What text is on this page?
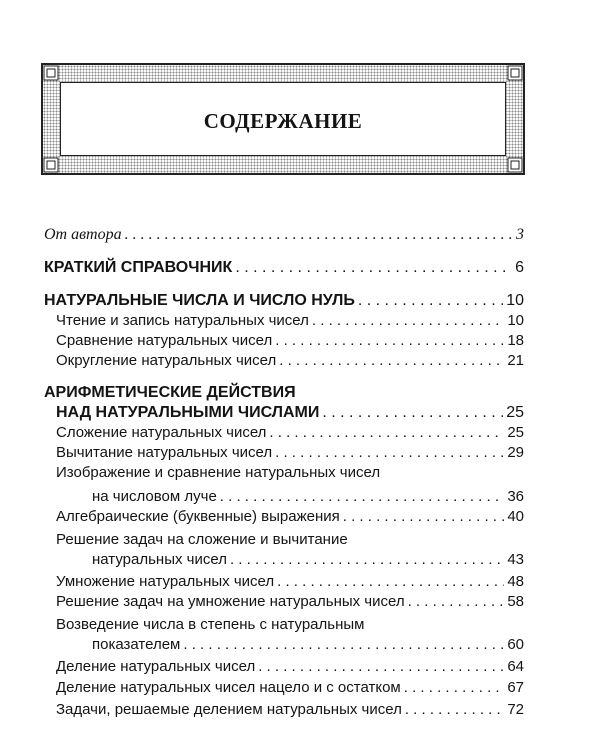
СОДЕРЖАНИЕ
От автора . . .	3
КРАТКИЙ СПРАВОЧНИК . . .	6
НАТУРАЛЬНЫЕ ЧИСЛА И ЧИСЛО НУЛЬ . . .	10
Чтение и запись натуральных чисел . . .	10
Сравнение натуральных чисел . . .	18
Округление натуральных чисел . . .	21
АРИФМЕТИЧЕСКИЕ ДЕЙСТВИЯ
НАД НАТУРАЛЬНЫМИ ЧИСЛАМИ . . .	25
Сложение натуральных чисел . . .	25
Вычитание натуральных чисел . . .	29
Изображение и сравнение натуральных чисел
на числовом луче . . .	36
Алгебраические (буквенные) выражения . . .	40
Решение задач на сложение и вычитание
натуральных чисел . . .	43
Умножение натуральных чисел . . .	48
Решение задач на умножение натуральных чисел . . .	58
Возведение числа в степень с натуральным
показателем . . .	60
Деление натуральных чисел . . .	64
Деление натуральных чисел нацело и с остатком . . .	67
Задачи, решаемые делением натуральных чисел . . .	72
